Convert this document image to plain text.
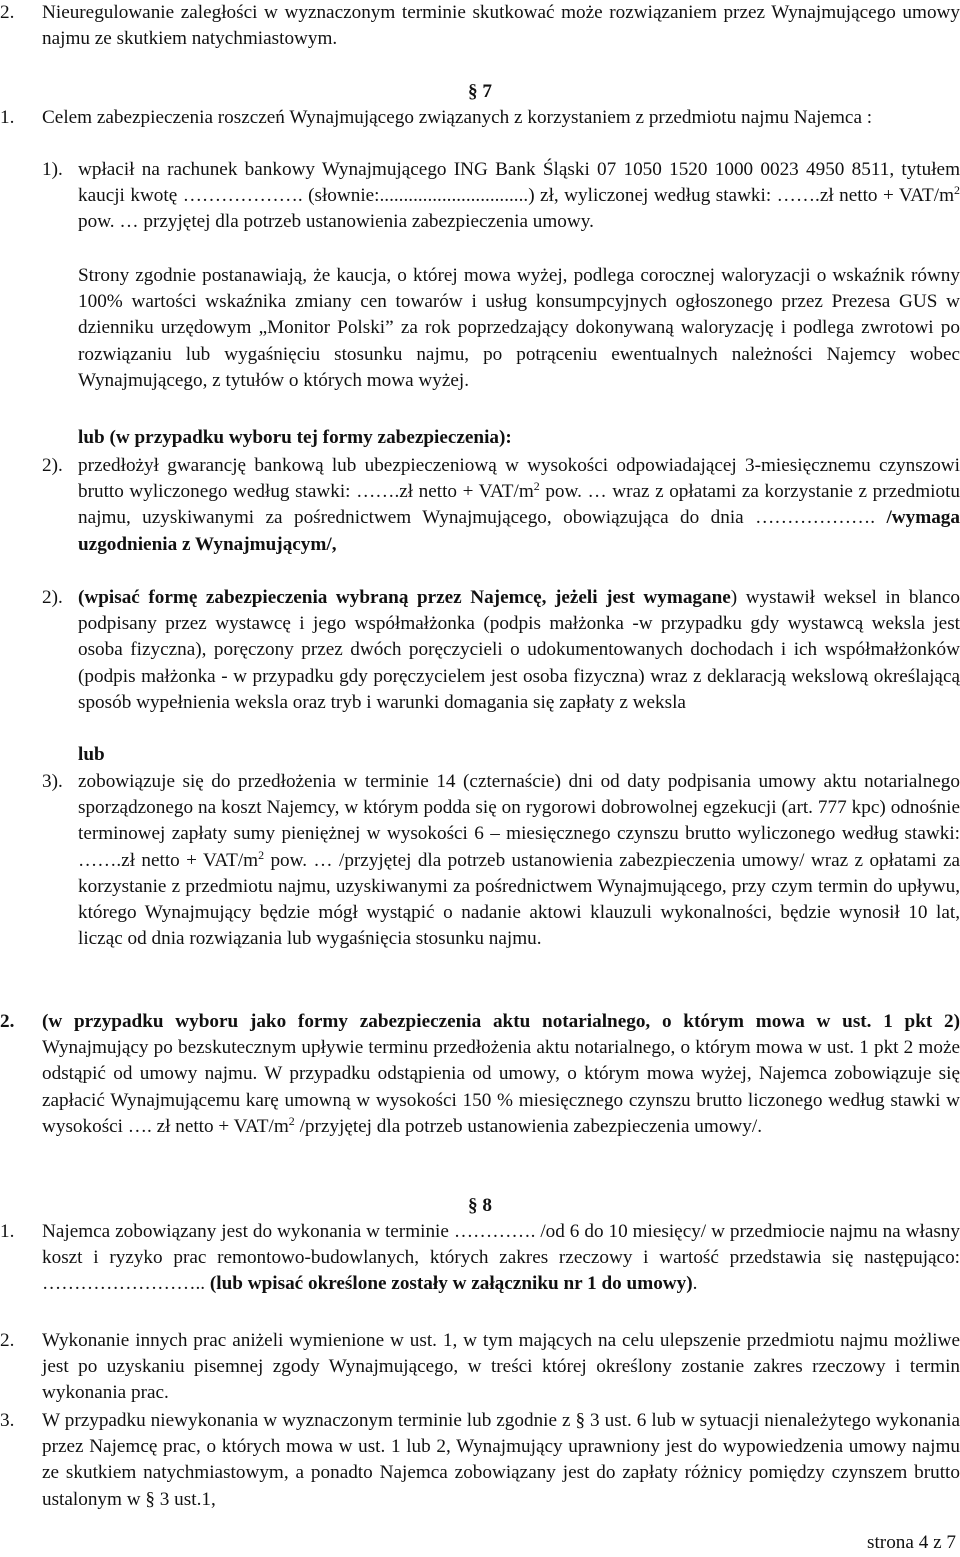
2.	Nieuregulowanie zaległości w wyznaczonym terminie skutkować może rozwiązaniem przez Wynajmującego umowy najmu ze skutkiem natychmiastowym.
§ 7
1.	Celem zabezpieczenia roszczeń Wynajmującego związanych z korzystaniem z przedmiotu najmu Najemca :
1). wpłacił na rachunek bankowy Wynajmującego ING Bank Śląski 07 1050 1520 1000 0023 4950 8511, tytułem kaucji kwotę ………………. (słownie:...............................) zł, wyliczonej według stawki: …….zł netto + VAT/$m^2$ pow. … przyjętej dla potrzeb ustanowienia zabezpieczenia umowy.
Strony zgodnie postanawiają, że kaucja, o której mowa wyżej, podlega corocznej waloryzacji o wskaźnik równy 100% wartości wskaźnika zmiany cen towarów i usług konsumpcyjnych ogłoszonego przez Prezesa GUS w dzienniku urzędowym „Monitor Polski” za rok poprzedzający dokonywaną waloryzację i podlega zwrotowi po rozwiązaniu lub wygaśnięciu stosunku najmu, po potrąceniu ewentualnych należności Najemcy wobec Wynajmującego, z tytułów o których mowa wyżej.
lub (w przypadku wyboru tej formy zabezpieczenia):
2). przedłożył gwarancję bankową lub ubezpieczeniową w wysokości odpowiadającej 3-miesięcznemu czynszowi brutto wyliczonego według stawki: …….zł netto + VAT/$m^2$ pow. … wraz z opłatami za korzystanie z przedmiotu najmu, uzyskiwanymi za pośrednictwem Wynajmującego, obowiązująca do dnia ………………. /wymaga uzgodnienia z Wynajmującym/,
2). (wpisać formę zabezpieczenia wybraną przez Najemcę, jeżeli jest wymagane) wystawił weksel in blanco podpisany przez wystawcę i jego współmałżonka (podpis małżonka -w przypadku gdy wystawcą weksla jest osoba fizyczna), poręczony przez dwóch poręczycieli o udokumentowanych dochodach i ich współmałżonków (podpis małżonka - w przypadku gdy poręczycielem jest osoba fizyczna) wraz z deklaracją wekslową określającą sposób wypełnienia weksla oraz tryb i warunki domagania się zapłaty z weksla
lub
3). zobowiązuje się do przedłożenia w terminie 14 (czternaście) dni od daty podpisania umowy aktu notarialnego sporządzonego na koszt Najemcy, w którym podda się on rygorowi dobrowolnej egzekucji (art. 777 kpc) odnośnie terminowej zapłaty sumy pieniężnej w wysokości 6 – miesięcznego czynszu brutto wyliczonego według stawki: …….zł netto + VAT/$m^2$ pow. … /przyjętej dla potrzeb ustanowienia zabezpieczenia umowy/ wraz z opłatami za korzystanie z przedmiotu najmu, uzyskiwanymi za pośrednictwem Wynajmującego, przy czym termin do upływu, którego Wynajmujący będzie mógł wystąpić o nadanie aktowi klauzuli wykonalności, będzie wynosił 10 lat, licząc od dnia rozwiązania lub wygaśnięcia stosunku najmu.
2.	(w przypadku wyboru jako formy zabezpieczenia aktu notarialnego, o którym mowa w ust. 1 pkt 2) Wynajmujący po bezskutecznym upływie terminu przedłożenia aktu notarialnego, o którym mowa w ust. 1 pkt 2 może odstąpić od umowy najmu. W przypadku odstąpienia od umowy, o którym mowa wyżej, Najemca zobowiązuje się zapłacić Wynajmującemu karę umowną w wysokości 150 % miesięcznego czynszu brutto liczonego według stawki w wysokości …. zł netto + VAT/$m^2$ /przyjętej dla potrzeb ustanowienia zabezpieczenia umowy/.
§ 8
1.	Najemca zobowiązany jest do wykonania w terminie …………. /od 6 do 10 miesięcy/ w przedmiocie najmu na własny koszt i ryzyko prac remontowo-budowlanych, których zakres rzeczowy i wartość przedstawia się następująco: …………………….. (lub wpisać określone zostały w załączniku nr 1 do umowy).
2.	Wykonanie innych prac aniżeli wymienione w ust. 1, w tym mających na celu ulepszenie przedmiotu najmu możliwe jest po uzyskaniu pisemnej zgody Wynajmującego, w treści której określony zostanie zakres rzeczowy i termin wykonania prac.
3.	W przypadku niewykonania w wyznaczonym terminie lub zgodnie z § 3 ust. 6 lub w sytuacji nienależytego wykonania przez Najemcę prac, o których mowa w ust. 1 lub 2, Wynajmujący uprawniony jest do wypowiedzenia umowy najmu ze skutkiem natychmiastowym, a ponadto Najemca zobowiązany jest do zapłaty różnicy pomiędzy czynszem brutto ustalonym w § 3 ust.1,
strona 4 z 7
